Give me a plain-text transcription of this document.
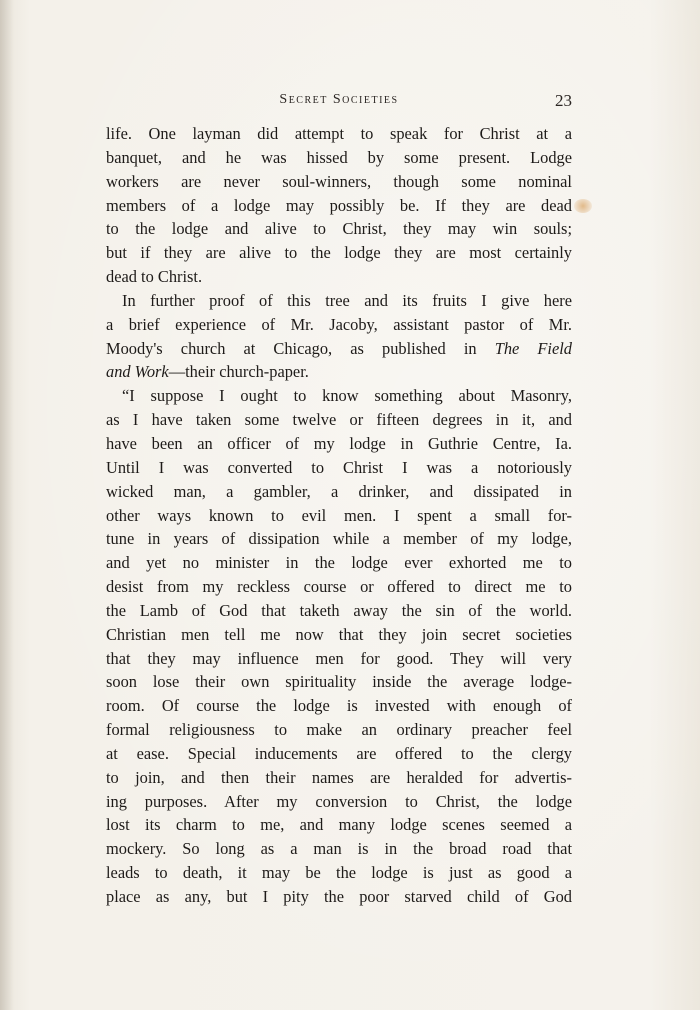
Secret Societies	23
life. One layman did attempt to speak for Christ at a
banquet, and he was hissed by some present. Lodge
workers are never soul-winners, though some nominal
members of a lodge may possibly be. If they are dead
to the lodge and alive to Christ, they may win souls;
but if they are alive to the lodge they are most certainly
dead to Christ.
In further proof of this tree and its fruits I give here
a brief experience of Mr. Jacoby, assistant pastor of Mr.
Moody's church at Chicago, as published in The Field
and Work—their church-paper.
“I suppose I ought to know something about Masonry,
as I have taken some twelve or fifteen degrees in it, and
have been an officer of my lodge in Guthrie Centre, Ia.
Until I was converted to Christ I was a notoriously
wicked man, a gambler, a drinker, and dissipated in
other ways known to evil men. I spent a small for-
tune in years of dissipation while a member of my lodge,
and yet no minister in the lodge ever exhorted me to
desist from my reckless course or offered to direct me to
the Lamb of God that taketh away the sin of the world.
Christian men tell me now that they join secret societies
that they may influence men for good. They will very
soon lose their own spirituality inside the average lodge-
room. Of course the lodge is invested with enough of
formal religiousness to make an ordinary preacher feel
at ease. Special inducements are offered to the clergy
to join, and then their names are heralded for advertis-
ing purposes. After my conversion to Christ, the lodge
lost its charm to me, and many lodge scenes seemed a
mockery. So long as a man is in the broad road that
leads to death, it may be the lodge is just as good a
place as any, but I pity the poor starved child of God
